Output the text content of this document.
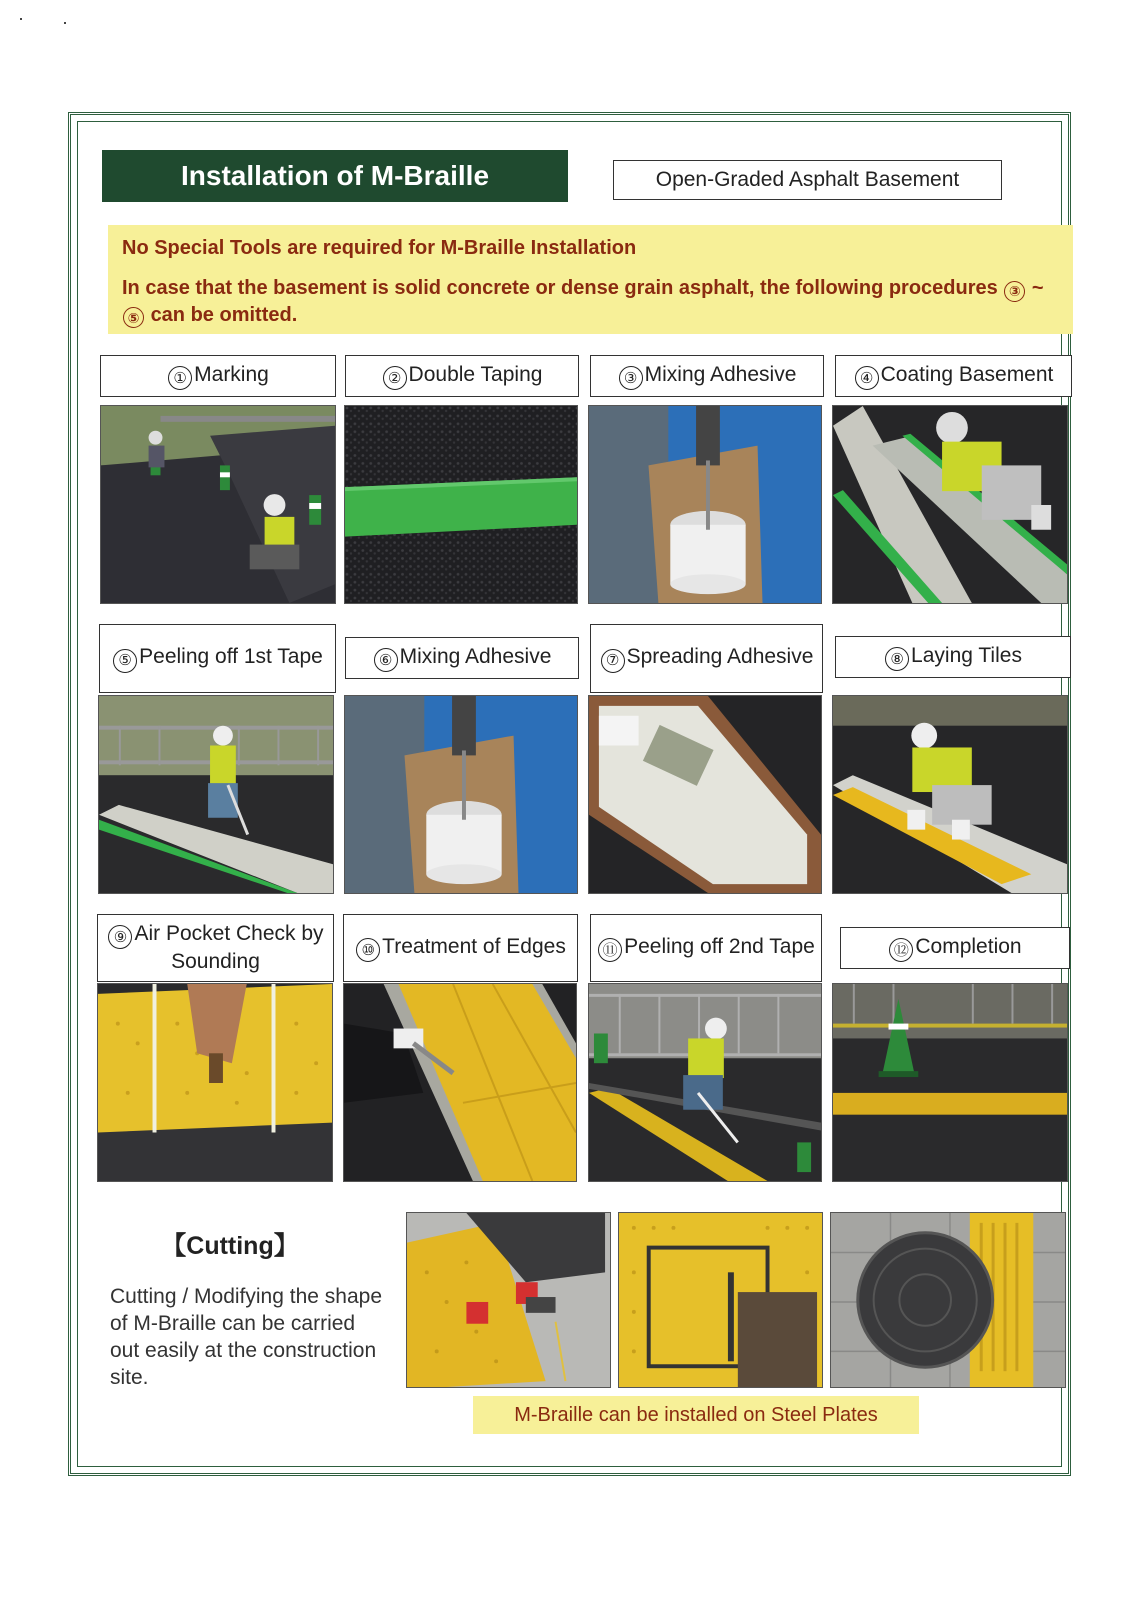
Installation of M-Braille	Open-Graded Asphalt Basement

No Special Tools are required for M-Braille Installation

In case that the basement is solid concrete or dense grain asphalt, the following procedures ③ ~ ⑤ can be omitted.

① Marking	② Double Taping	③ Mixing Adhesive	④ Coating Basement
⑤ Peeling off 1st Tape	⑥ Mixing Adhesive	⑦ Spreading Adhesive	⑧ Laying Tiles
⑨ Air Pocket Check by Sounding	⑩ Treatment of Edges	⑪ Peeling off 2nd Tape	⑫ Completion
【Cutting】
Cutting / Modifying the shape of M-Braille can be carried out easily at the construction site.
M-Braille can be installed on Steel Plates
